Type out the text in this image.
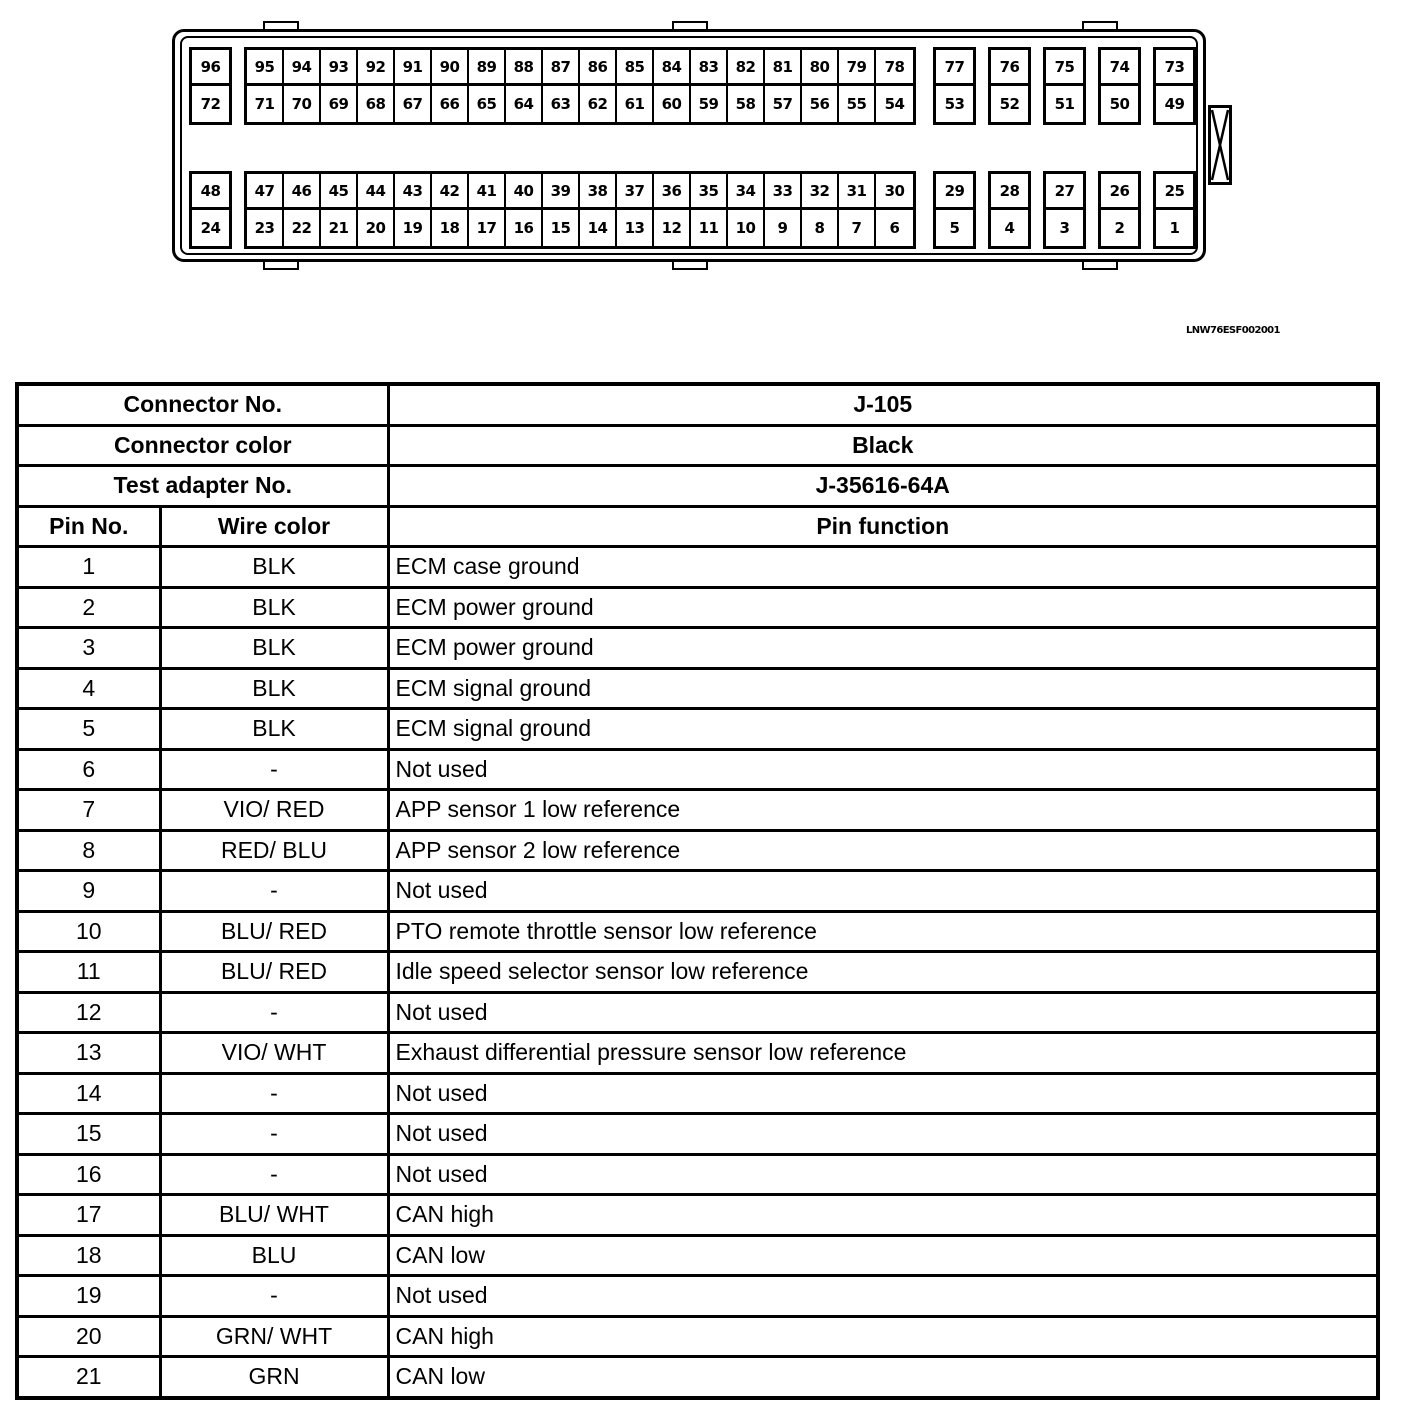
96
72
95
71
94
70
93
69
92
68
91
67
90
66
89
65
88
64
87
63
86
62
85
61
84
60
83
59
82
58
81
57
80
56
79
55
78
54
77
53
76
52
75
51
74
50
73
49
48
24
47
23
46
22
45
21
44
20
43
19
42
18
41
17
40
16
39
15
38
14
37
13
36
12
35
11
34
10
33
9
32
8
31
7
30
6
29
5
28
4
27
3
26
2
25
1
LNW76ESF002001
Connector No.		J-105
Connector color		Black
Test adapter No.		J-35616-64A
Pin No.	Wire color	Pin function
1	BLK	ECM case ground
2	BLK	ECM power ground
3	BLK	ECM power ground
4	BLK	ECM signal ground
5	BLK	ECM signal ground
6	-	Not used
7	VIO/ RED	APP sensor 1 low reference
8	RED/ BLU	APP sensor 2 low reference
9	-	Not used
10	BLU/ RED	PTO remote throttle sensor low reference
11	BLU/ RED	Idle speed selector sensor low reference
12	-	Not used
13	VIO/ WHT	Exhaust differential pressure sensor low reference
14	-	Not used
15	-	Not used
16	-	Not used
17	BLU/ WHT	CAN high
18	BLU	CAN low
19	-	Not used
20	GRN/ WHT	CAN high
21	GRN	CAN low
